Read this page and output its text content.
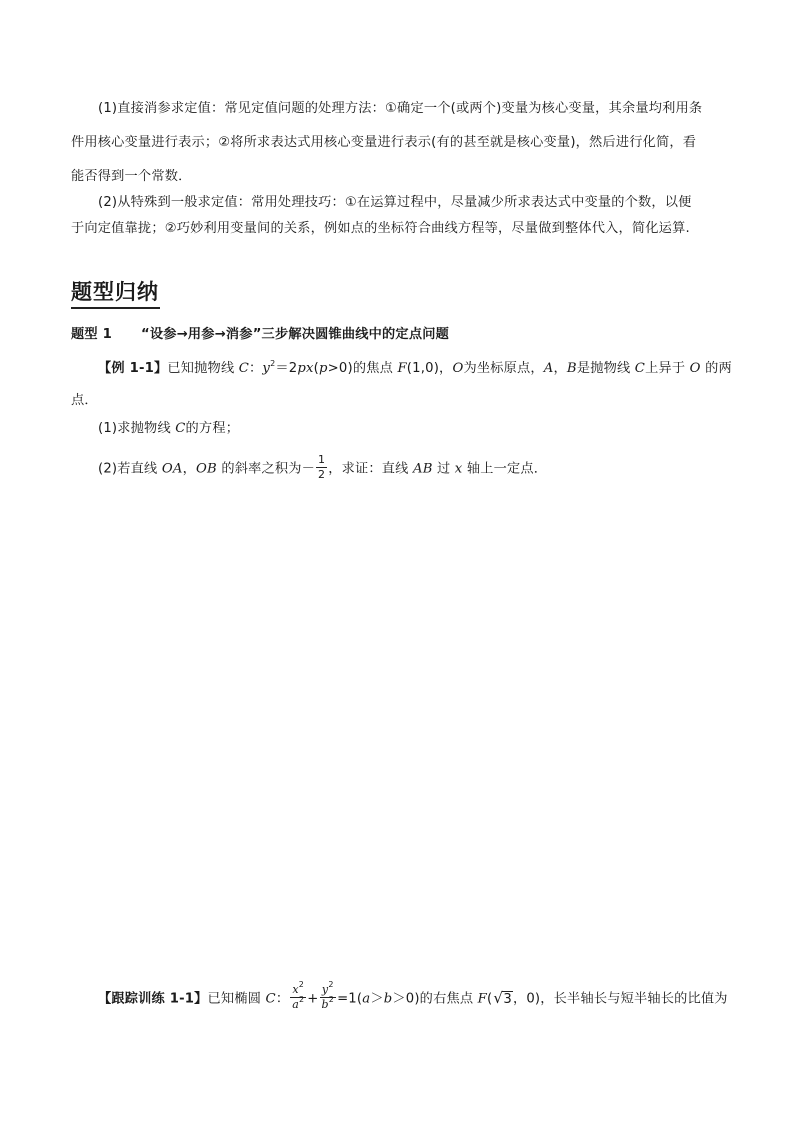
(1)直接消参求定值：常见定值问题的处理方法：①确定一个(或两个)变量为核心变量，其余量均利用条
件用核心变量进行表示；②将所求表达式用核心变量进行表示(有的甚至就是核心变量)，然后进行化简，看
能否得到一个常数．
(2)从特殊到一般求定值：常用处理技巧：①在运算过程中，尽量减少所求表达式中变量的个数，以便
于向定值靠拢；②巧妙利用变量间的关系，例如点的坐标符合曲线方程等，尽量做到整体代入，简化运算.
题型归纳
题型 1 “设参→用参→消参”三步解决圆锥曲线中的定点问题
【例 1-1】已知抛物线 C：$y^2=2px(p>0)$的焦点 F(1,0)，O为坐标原点，A，B是抛物线 C上异于 O 的两
点．
(1)求抛物线 C的方程；
(2)若直线 OA，OB 的斜率之积为－ $\frac{1}{2}$ ，求证：直线 AB 过 x 轴上一定点．
【跟踪训练 1-1】已知椭圆 C： $\frac{x^2}{a^2} + \frac{y^2}{b^2} =1(a>b>0)$的右焦点 F( √ 3，0)，长半轴长与短半轴长的比值为
